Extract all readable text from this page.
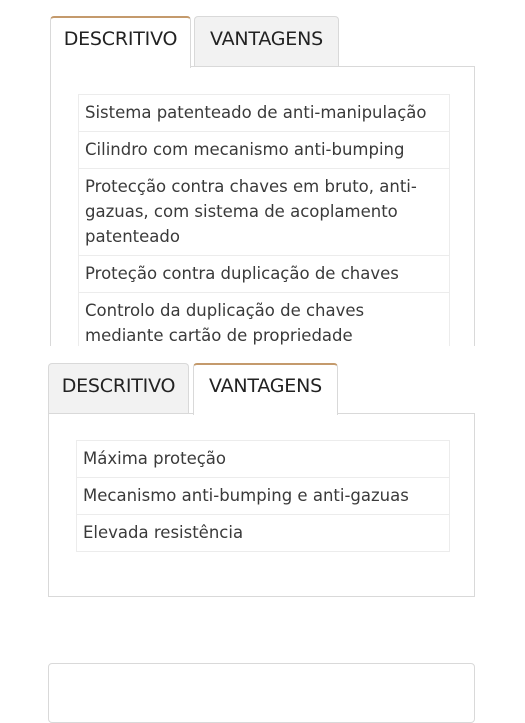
DESCRITIVO	VANTAGENS
Sistema patenteado de anti-manipulação
Cilindro com mecanismo anti-bumping
Protecção contra chaves em bruto, anti-gazuas, com sistema de acoplamento patenteado
Proteção contra duplicação de chaves
Controlo da duplicação de chaves mediante cartão de propriedade
DESCRITIVO	VANTAGENS
Máxima proteção
Mecanismo anti-bumping e anti-gazuas
Elevada resistência
